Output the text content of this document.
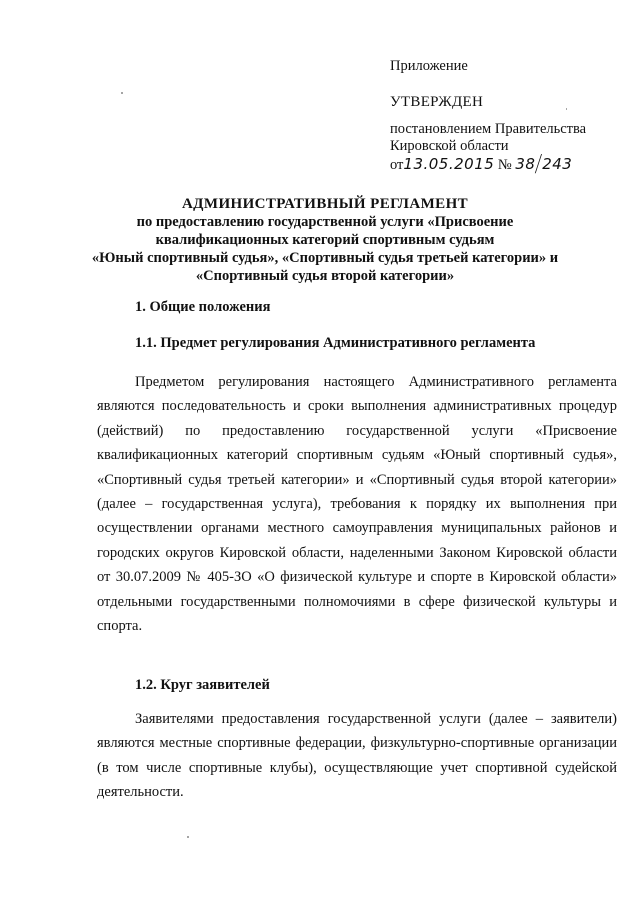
Приложение

УТВЕРЖДЕН

постановлением Правительства

Кировской области

от13.05.2015 № 38/243

АДМИНИСТРАТИВНЫЙ РЕГЛАМЕНТ
по предоставлению государственной услуги «Присвоение
квалификационных категорий спортивным судьям
«Юный спортивный судья», «Спортивный судья третьей категории» и
«Спортивный судья второй категории»
1. Общие положения
1.1. Предмет регулирования Административного регламента
Предметом регулирования настоящего Административного регламента являются последовательность и сроки выполнения административных процедур (действий) по предоставлению государственной услуги «Присвоение квалификационных категорий спортивным судьям «Юный спортивный судья», «Спортивный судья третьей категории» и «Спортивный судья второй категории» (далее – государственная услуга), требования к порядку их выполнения при осуществлении органами местного самоуправления муниципальных районов и городских округов Кировской области, наделенными Законом Кировской области от 30.07.2009 № 405-ЗО «О физической культуре и спорте в Кировской области» отдельными государственными полномочиями в сфере физической культуры и спорта.
1.2. Круг заявителей
Заявителями предоставления государственной услуги (далее – заявители) являются местные спортивные федерации, физкультурно-спортивные организации (в том числе спортивные клубы), осуществляющие учет спортивной судейской деятельности.
